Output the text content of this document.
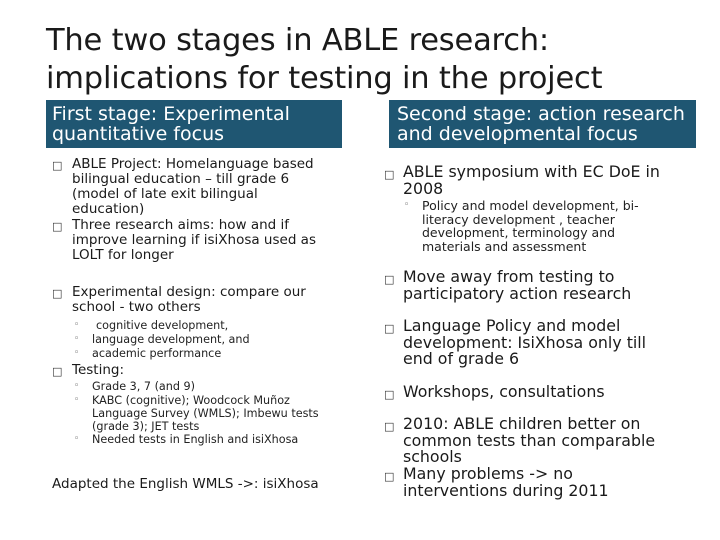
The two stages in ABLE research:
implications for testing in the project
First stage: Experimental
quantitative focus
□ ABLE Project: Homelanguage based
bilingual education – till grade 6
(model of late exit bilingual
education)
□ Three research aims: how and if
improve learning if isiXhosa used as
LOLT for longer
□ Experimental design: compare our
school - two others
◦ cognitive development,
◦ language development, and
◦ academic performance
□ Testing:
◦ Grade 3, 7 (and 9)
◦ KABC (cognitive); Woodcock Muñoz
Language Survey (WMLS); Imbewu tests
(grade 3); JET tests
◦ Needed tests in English and isiXhosa
Adapted the English WMLS ->: isiXhosa
Second stage: action research
and developmental focus
□ ABLE symposium with EC DoE in
2008
◦ Policy and model development, bi-
literacy development , teacher
development, terminology and
materials and assessment
□ Move away from testing to
participatory action research
□ Language Policy and model
development: IsiXhosa only till
end of grade 6
□ Workshops, consultations
□ 2010: ABLE children better on
common tests than comparable
schools
□ Many problems -> no
interventions during 2011
